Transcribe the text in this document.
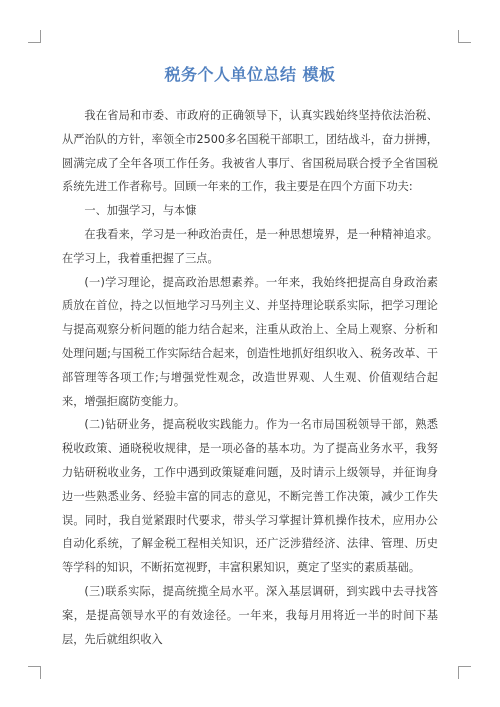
税务个人单位总结 模板

我在省局和市委、市政府的正确领导下，认真实践始终坚持依法治税、从严治队的方针，率领全市2500多名国税干部职工，团结战斗，奋力拼搏，圆满完成了全年各项工作任务。我被省人事厅、省国税局联合授予全省国税系统先进工作者称号。回顾一年来的工作，我主要是在四个方面下功夫:

一、加强学习，与本慷

在我看来，学习是一种政治责任，是一种思想境界，是一种精神追求。在学习上，我着重把握了三点。

(一)学习理论，提高政治思想素养。一年来，我始终把提高自身政治素质放在首位，持之以恒地学习马列主义、并坚持理论联系实际，把学习理论与提高观察分析问题的能力结合起来，注重从政治上、全局上观察、分析和处理问题;与国税工作实际结合起来，创造性地抓好组织收入、税务改革、干部管理等各项工作;与增强党性观念，改造世界观、人生观、价值观结合起来，增强拒腐防变能力。

(二)钻研业务，提高税收实践能力。作为一名市局国税领导干部，熟悉税收政策、通晓税收规律，是一项必备的基本功。为了提高业务水平，我努力钻研税收业务，工作中遇到政策疑难问题，及时请示上级领导，并征询身边一些熟悉业务、经验丰富的同志的意见，不断完善工作决策，减少工作失误。同时，我自觉紧跟时代要求，带头学习掌握计算机操作技术，应用办公自动化系统，了解金税工程相关知识，还广泛涉猎经济、法律、管理、历史等学科的知识，不断拓宽视野，丰富积累知识，奠定了坚实的素质基础。

(三)联系实际，提高统揽全局水平。深入基层调研，到实践中去寻找答案，是提高领导水平的有效途径。一年来，我每月用将近一半的时间下基层，先后就组织收入
